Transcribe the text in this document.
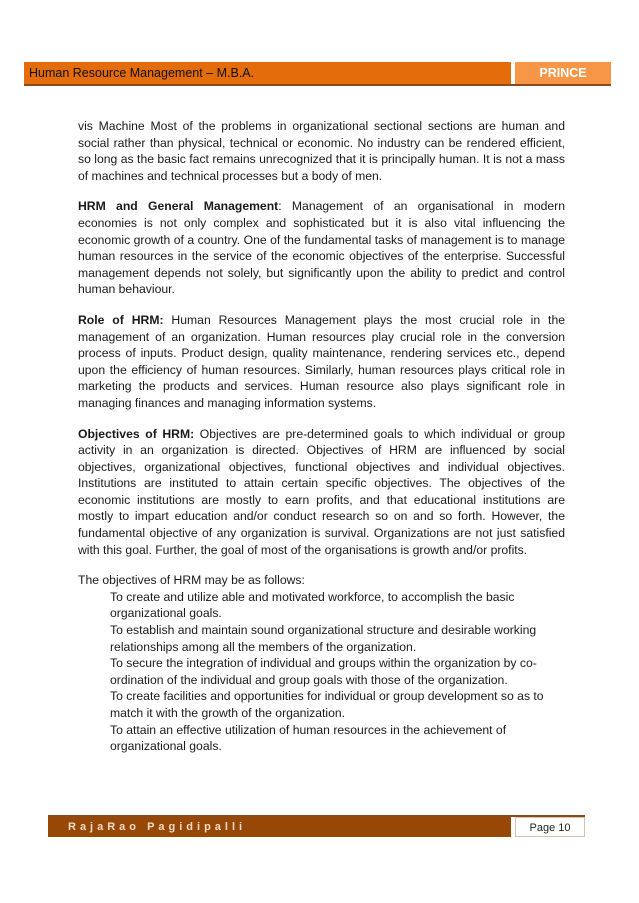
Human Resource Management – M.B.A.	PRINCE

vis Machine Most of the problems in organizational sectional sections are human and social rather than physical, technical or economic. No industry can be rendered efficient, so long as the basic fact remains unrecognized that it is principally human. It is not a mass of machines and technical processes but a body of men.

HRM and General Management: Management of an organisational in modern economies is not only complex and sophisticated but it is also vital influencing the economic growth of a country. One of the fundamental tasks of management is to manage human resources in the service of the economic objectives of the enterprise. Successful management depends not solely, but significantly upon the ability to predict and control human behaviour.

Role of HRM: Human Resources Management plays the most crucial role in the management of an organization. Human resources play crucial role in the conversion process of inputs. Product design, quality maintenance, rendering services etc., depend upon the efficiency of human resources. Similarly, human resources plays critical role in marketing the products and services. Human resource also plays significant role in managing finances and managing information systems.

Objectives of HRM: Objectives are pre-determined goals to which individual or group activity in an organization is directed. Objectives of HRM are influenced by social objectives, organizational objectives, functional objectives and individual objectives. Institutions are instituted to attain certain specific objectives. The objectives of the economic institutions are mostly to earn profits, and that educational institutions are mostly to impart education and/or conduct research so on and so forth. However, the fundamental objective of any organization is survival. Organizations are not just satisfied with this goal. Further, the goal of most of the organisations is growth and/or profits.

The objectives of HRM may be as follows:
To create and utilize able and motivated workforce, to accomplish the basic organizational goals.
To establish and maintain sound organizational structure and desirable working relationships among all the members of the organization.
To secure the integration of individual and groups within the organization by co-ordination of the individual and group goals with those of the organization.
To create facilities and opportunities for individual or group development so as to match it with the growth of the organization.
To attain an effective utilization of human resources in the achievement of organizational goals.
RajaRao Pagidipalli	Page 10
